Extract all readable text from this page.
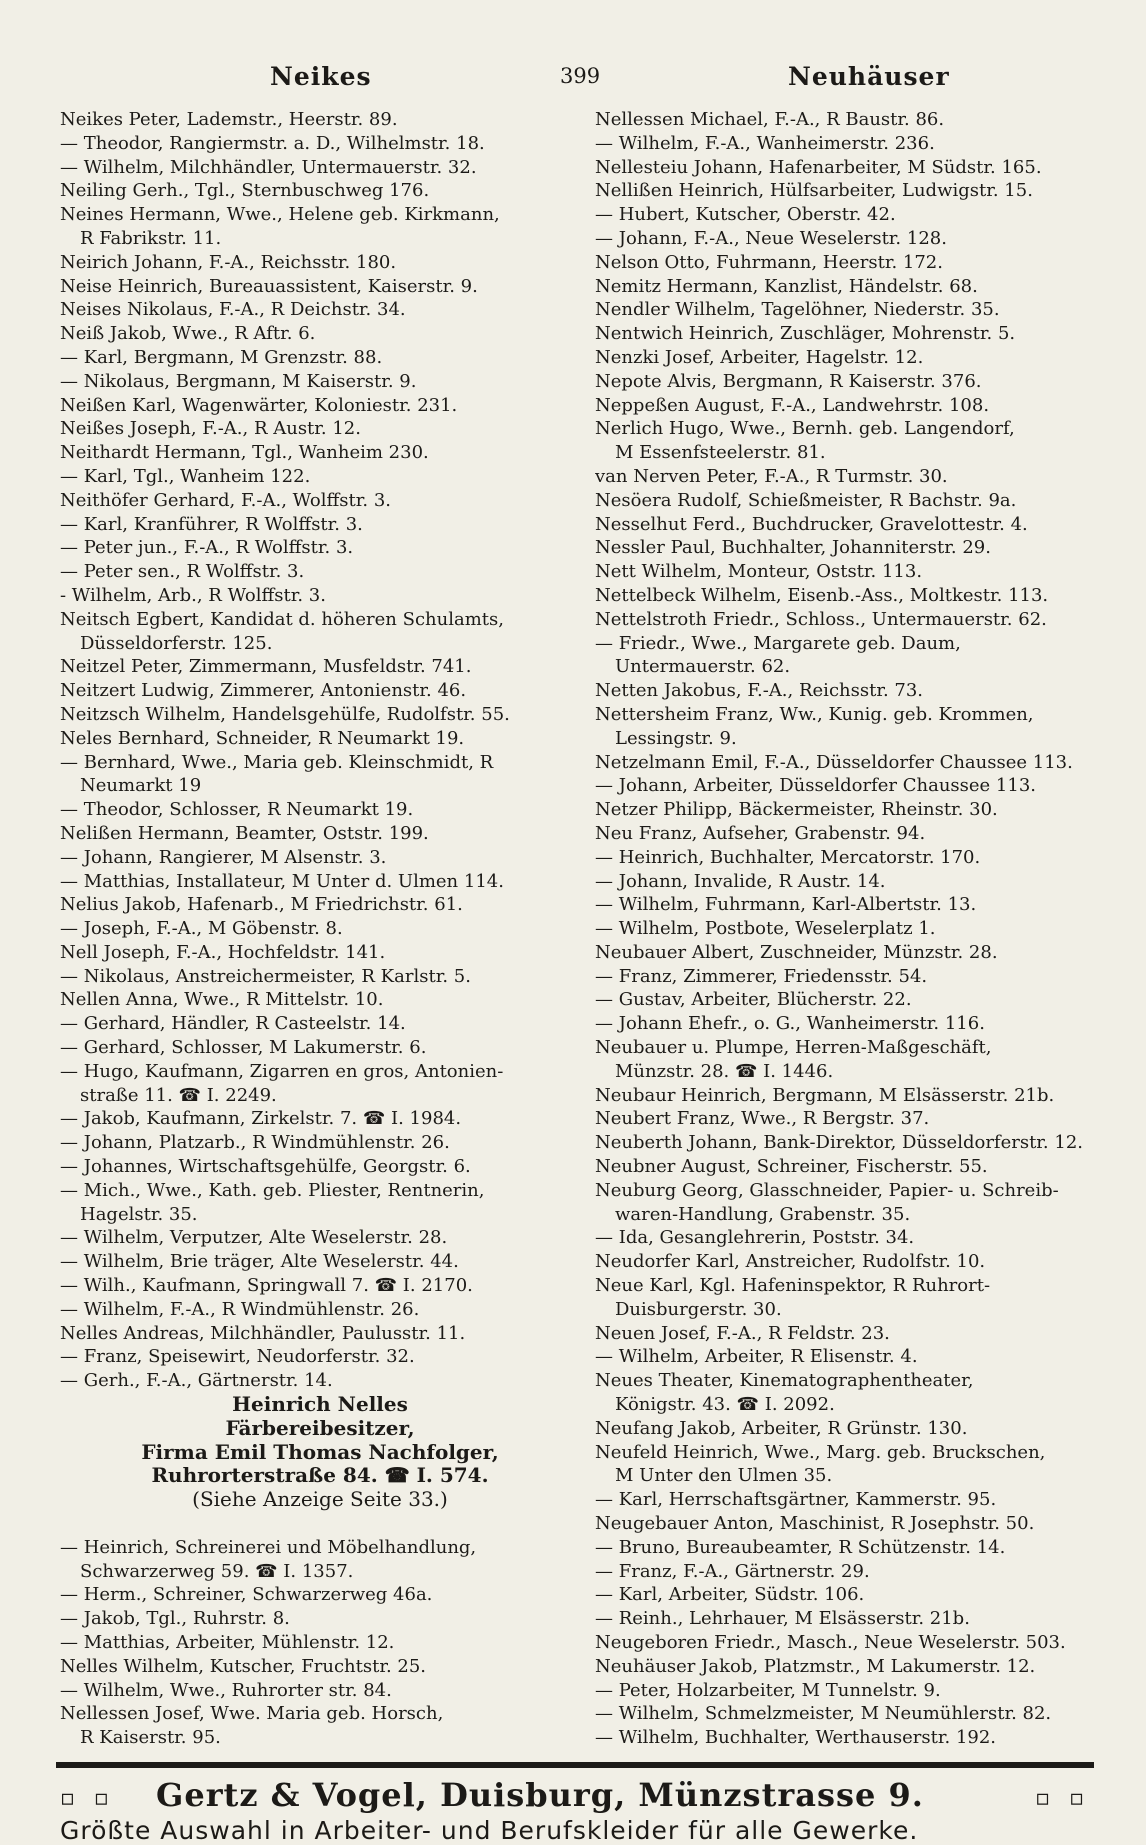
Neikes	399	Neuhäuser
Neikes Peter, Lademstr., Heerstr. 89.
— Theodor, Rangiermstr. a. D., Wilhelmstr. 18.
— Wilhelm, Milchhändler, Untermauerstr. 32.
Neiling Gerh., Tgl., Sternbuschweg 176.
Neines Hermann, Wwe., Helene geb. Kirkmann,
R Fabrikstr. 11.
Neirich Johann, F.-A., Reichsstr. 180.
Neise Heinrich, Bureauassistent, Kaiserstr. 9.
Neises Nikolaus, F.-A., R Deichstr. 34.
Neiß Jakob, Wwe., R Aftr. 6.
— Karl, Bergmann, M Grenzstr. 88.
— Nikolaus, Bergmann, M Kaiserstr. 9.
Neißen Karl, Wagenwärter, Koloniestr. 231.
Neißes Joseph, F.-A., R Austr. 12.
Neithardt Hermann, Tgl., Wanheim 230.
— Karl, Tgl., Wanheim 122.
Neithöfer Gerhard, F.-A., Wolffstr. 3.
— Karl, Kranführer, R Wolffstr. 3.
— Peter jun., F.-A., R Wolffstr. 3.
— Peter sen., R Wolffstr. 3.
- Wilhelm, Arb., R Wolffstr. 3.
Neitsch Egbert, Kandidat d. höheren Schulamts,
Düsseldorferstr. 125.
Neitzel Peter, Zimmermann, Musfeldstr. 741.
Neitzert Ludwig, Zimmerer, Antonienstr. 46.
Neitzsch Wilhelm, Handelsgehülfe, Rudolfstr. 55.
Neles Bernhard, Schneider, R Neumarkt 19.
— Bernhard, Wwe., Maria geb. Kleinschmidt, R
Neumarkt 19
— Theodor, Schlosser, R Neumarkt 19.
Nelißen Hermann, Beamter, Oststr. 199.
— Johann, Rangierer, M Alsenstr. 3.
— Matthias, Installateur, M Unter d. Ulmen 114.
Nelius Jakob, Hafenarb., M Friedrichstr. 61.
— Joseph, F.-A., M Göbenstr. 8.
Nell Joseph, F.-A., Hochfeldstr. 141.
— Nikolaus, Anstreichermeister, R Karlstr. 5.
Nellen Anna, Wwe., R Mittelstr. 10.
— Gerhard, Händler, R Casteelstr. 14.
— Gerhard, Schlosser, M Lakumerstr. 6.
— Hugo, Kaufmann, Zigarren en gros, Antonien-
straße 11. ☎ I. 2249.
— Jakob, Kaufmann, Zirkelstr. 7. ☎ I. 1984.
— Johann, Platzarb., R Windmühlenstr. 26.
— Johannes, Wirtschaftsgehülfe, Georgstr. 6.
— Mich., Wwe., Kath. geb. Pliester, Rentnerin,
Hagelstr. 35.
— Wilhelm, Verputzer, Alte Weselerstr. 28.
— Wilhelm, Brie träger, Alte Weselerstr. 44.
— Wilh., Kaufmann, Springwall 7. ☎ I. 2170.
— Wilhelm, F.-A., R Windmühlenstr. 26.
Nelles Andreas, Milchhändler, Paulusstr. 11.
— Franz, Speisewirt, Neudorferstr. 32.
— Gerh., F.-A., Gärtnerstr. 14.
Heinrich Nelles
Färbereibesitzer,
Firma Emil Thomas Nachfolger,
Ruhrorterstraße 84. ☎ I. 574.
(Siehe Anzeige Seite 33.)
— Heinrich, Schreinerei und Möbelhandlung,
Schwarzerweg 59. ☎ I. 1357.
— Herm., Schreiner, Schwarzerweg 46a.
— Jakob, Tgl., Ruhrstr. 8.
— Matthias, Arbeiter, Mühlenstr. 12.
Nelles Wilhelm, Kutscher, Fruchtstr. 25.
— Wilhelm, Wwe., Ruhrorter str. 84.
Nellessen Josef, Wwe. Maria geb. Horsch,
R Kaiserstr. 95.
Nellessen Michael, F.-A., R Baustr. 86.
— Wilhelm, F.-A., Wanheimerstr. 236.
Nellesteiu Johann, Hafenarbeiter, M Südstr. 165.
Nellißen Heinrich, Hülfsarbeiter, Ludwigstr. 15.
— Hubert, Kutscher, Oberstr. 42.
— Johann, F.-A., Neue Weselerstr. 128.
Nelson Otto, Fuhrmann, Heerstr. 172.
Nemitz Hermann, Kanzlist, Händelstr. 68.
Nendler Wilhelm, Tagelöhner, Niederstr. 35.
Nentwich Heinrich, Zuschläger, Mohrenstr. 5.
Nenzki Josef, Arbeiter, Hagelstr. 12.
Nepote Alvis, Bergmann, R Kaiserstr. 376.
Neppeßen August, F.-A., Landwehrstr. 108.
Nerlich Hugo, Wwe., Bernh. geb. Langendorf,
M Essenfsteelerstr. 81.
van Nerven Peter, F.-A., R Turmstr. 30.
Nesöera Rudolf, Schießmeister, R Bachstr. 9a.
Nesselhut Ferd., Buchdrucker, Gravelottestr. 4.
Nessler Paul, Buchhalter, Johanniterstr. 29.
Nett Wilhelm, Monteur, Oststr. 113.
Nettelbeck Wilhelm, Eisenb.-Ass., Moltkestr. 113.
Nettelstroth Friedr., Schloss., Untermauerstr. 62.
— Friedr., Wwe., Margarete geb. Daum,
Untermauerstr. 62.
Netten Jakobus, F.-A., Reichsstr. 73.
Nettersheim Franz, Ww., Kunig. geb. Krommen,
Lessingstr. 9.
Netzelmann Emil, F.-A., Düsseldorfer Chaussee 113.
— Johann, Arbeiter, Düsseldorfer Chaussee 113.
Netzer Philipp, Bäckermeister, Rheinstr. 30.
Neu Franz, Aufseher, Grabenstr. 94.
— Heinrich, Buchhalter, Mercatorstr. 170.
— Johann, Invalide, R Austr. 14.
— Wilhelm, Fuhrmann, Karl-Albertstr. 13.
— Wilhelm, Postbote, Weselerplatz 1.
Neubauer Albert, Zuschneider, Münzstr. 28.
— Franz, Zimmerer, Friedensstr. 54.
— Gustav, Arbeiter, Blücherstr. 22.
— Johann Ehefr., o. G., Wanheimerstr. 116.
Neubauer u. Plumpe, Herren-Maßgeschäft,
Münzstr. 28. ☎ I. 1446.
Neubaur Heinrich, Bergmann, M Elsässerstr. 21b.
Neubert Franz, Wwe., R Bergstr. 37.
Neuberth Johann, Bank-Direktor, Düsseldorferstr. 12.
Neubner August, Schreiner, Fischerstr. 55.
Neuburg Georg, Glasschneider, Papier- u. Schreib-
waren-Handlung, Grabenstr. 35.
— Ida, Gesanglehrerin, Poststr. 34.
Neudorfer Karl, Anstreicher, Rudolfstr. 10.
Neue Karl, Kgl. Hafeninspektor, R Ruhrort-
Duisburgerstr. 30.
Neuen Josef, F.-A., R Feldstr. 23.
— Wilhelm, Arbeiter, R Elisenstr. 4.
Neues Theater, Kinematographentheater,
Königstr. 43. ☎ I. 2092.
Neufang Jakob, Arbeiter, R Grünstr. 130.
Neufeld Heinrich, Wwe., Marg. geb. Bruckschen,
M Unter den Ulmen 35.
— Karl, Herrschaftsgärtner, Kammerstr. 95.
Neugebauer Anton, Maschinist, R Josephstr. 50.
— Bruno, Bureaubeamter, R Schützenstr. 14.
— Franz, F.-A., Gärtnerstr. 29.
— Karl, Arbeiter, Südstr. 106.
— Reinh., Lehrhauer, M Elsässerstr. 21b.
Neugeboren Friedr., Masch., Neue Weselerstr. 503.
Neuhäuser Jakob, Platzmstr., M Lakumerstr. 12.
— Peter, Holzarbeiter, M Tunnelstr. 9.
— Wilhelm, Schmelzmeister, M Neumühlerstr. 82.
— Wilhelm, Buchhalter, Werthauserstr. 192.
▫ ▫ Gertz & Vogel, Duisburg, Münzstrasse 9.	▫ ▫
Größte Auswahl in Arbeiter- und Berufskleider für alle Gewerke.
